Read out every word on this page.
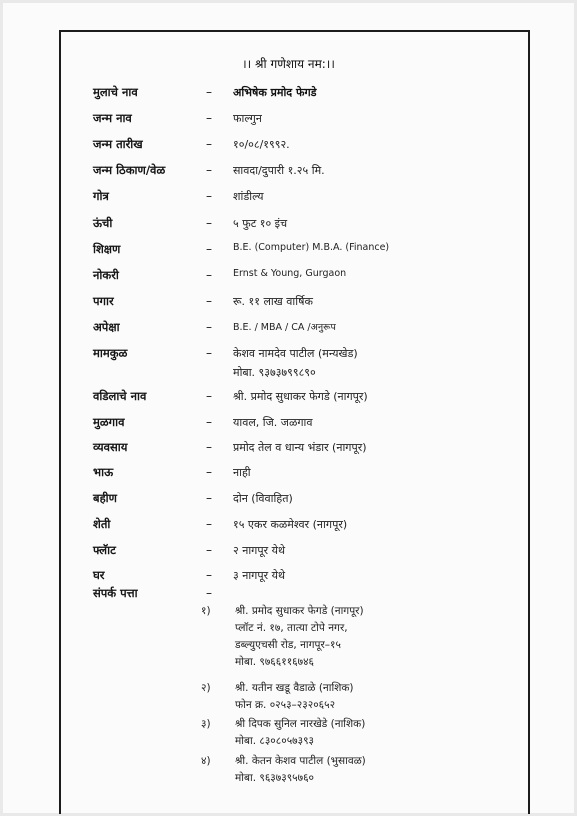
।। श्री गणेशाय नम:।।
मुलाचे नाव	– अभिषेक प्रमोद फेगडे
जन्म नाव	– फाल्गुन
जन्म तारीख	– १०/०८/१९९२.
जन्म ठिकाण/वेळ	– सावदा/दुपारी १.२५ मि.
गोत्र	– शांडील्य
ऊंची	– ५ फुट १० इंच
शिक्षण	– B.E. (Computer) M.B.A. (Finance)
नोकरी	– Ernst & Young, Gurgaon
पगार	– रू. ११ लाख वार्षिक
अपेक्षा	– B.E. / MBA / CA /अनुरूप
मामकुळ	– केशव नामदेव पाटील (मन्यखेड)
मोबा. ९३७३७९९८९०
वडिलाचे नाव	– श्री. प्रमोद सुधाकर फेगडे (नागपूर)
मुळगाव	– यावल, जि. जळगाव
व्यवसाय	– प्रमोद तेल व धान्य भंडार (नागपूर)
भाऊ	– नाही
बहीण	– दोन (विवाहित)
शेती	– १५ एकर कळमेश्वर (नागपूर)
फ्लॅाट	– २ नागपूर येथे
घर	– ३ नागपूर येथे
संपर्क पत्ता	–
१) श्री. प्रमोद सुधाकर फेगडे (नागपूर)
प्लॉट नं. १७, तात्या टोपे नगर,
डब्ल्युएचसी रोड, नागपूर–१५
मोबा. ९७६६११६७४६
२) श्री. यतीन खडू वैडाळे (नाशिक)
फोन क्र. ०२५३–२३२०६५२
३) श्री दिपक सुनिल नारखेडे (नाशिक)
मोबा. ८३०८०५७३९३
४) श्री. केतन केशव पाटील (भुसावळ)
मोबा. ९६३७३९५७६०
